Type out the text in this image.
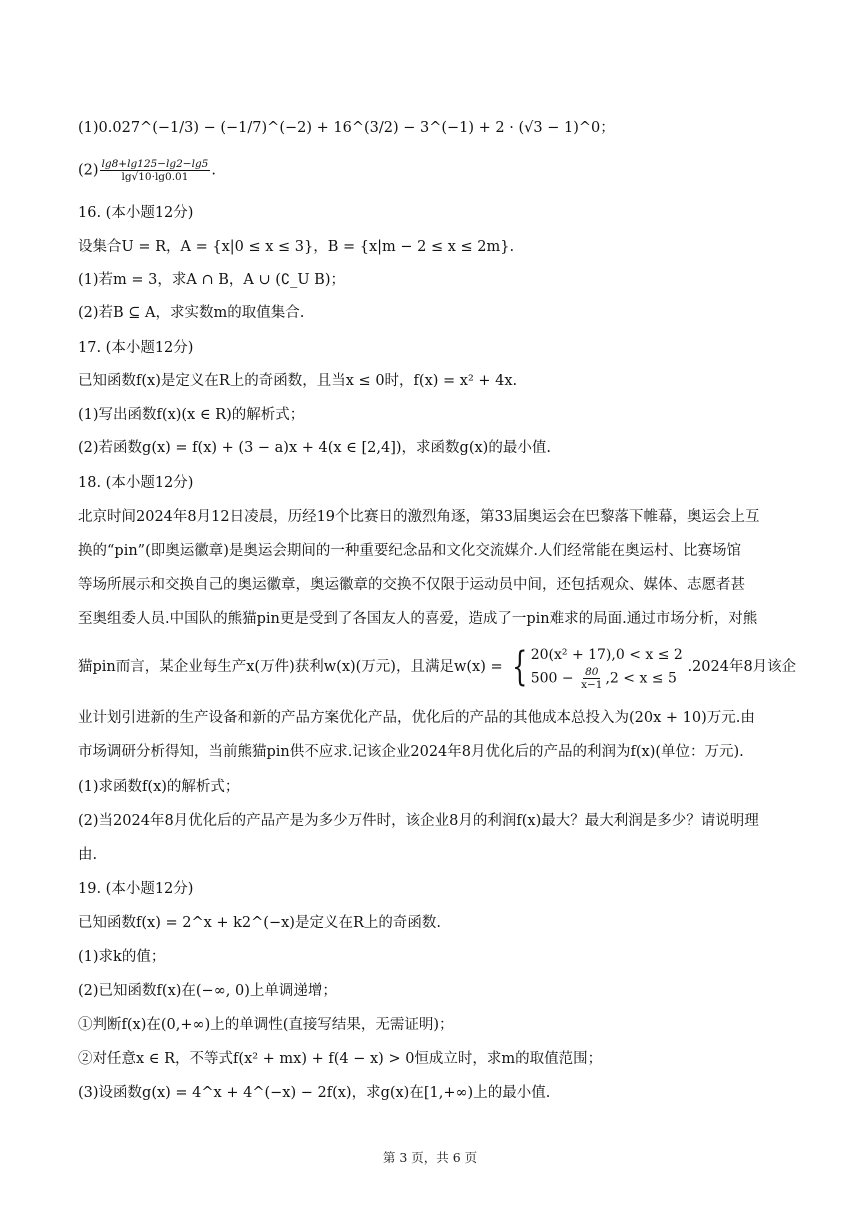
(1)0.027^(−1/3) − (−1/7)^(−2) + 16^(3/2) − 3^(−1) + 2 · (√3 − 1)^0；
$(2) \frac{\lg 8+\lg 125-\lg 2-\lg 5}{\lg√10\cdot\lg 0.01}$ .
16. (本小题12分)
设集合U = R，A = {x|0 ≤ x ≤ 3}，B = {x|m − 2 ≤ x ≤ 2m}.
(1)若m = 3，求A ∩ B，A ∪ (∁_U B)；
(2)若B ⊆ A，求实数m的取值集合.
17. (本小题12分)
已知函数f(x)是定义在R上的奇函数，且当x ≤ 0时，f(x) = x² + 4x.
(1)写出函数f(x)(x ∈ R)的解析式；
(2)若函数g(x) = f(x) + (3 − a)x + 4(x ∈ [2,4])，求函数g(x)的最小值.
18. (本小题12分)
北京时间2024年8月12日凌晨，历经19个比赛日的激烈角逐，第33届奥运会在巴黎落下帷幕，奥运会上互
换的“pin”(即奥运徽章)是奥运会期间的一种重要纪念品和文化交流媒介.人们经常能在奥运村、比赛场馆
等场所展示和交换自己的奥运徽章，奥运徽章的交换不仅限于运动员中间，还包括观众、媒体、志愿者甚
至奥组委人员.中国队的熊猫pin更是受到了各国友人的喜爱，造成了一pin难求的局面.通过市场分析，对熊
猫pin而言，某企业每生产x(万件)获利w(x)(万元)，且满足w(x) = { 20(x² + 17),0 < x ≤ 2
$500 - \frac{80}{x-1} ,2 < x \le 5$
.2024年8月该企
业计划引进新的生产设备和新的产品方案优化产品，优化后的产品的其他成本总投入为(20x + 10)万元.由
市场调研分析得知，当前熊猫pin供不应求.记该企业2024年8月优化后的产品的利润为f(x)(单位：万元).
(1)求函数f(x)的解析式；
(2)当2024年8月优化后的产品产是为多少万件时，该企业8月的利润f(x)最大？最大利润是多少？请说明理
由.
19. (本小题12分)
已知函数f(x) = 2^x + k2^(−x)是定义在R上的奇函数.
(1)求k的值；
(2)已知函数f(x)在(−∞, 0)上单调递增；
①判断f(x)在(0,+∞)上的单调性(直接写结果，无需证明)；
②对任意x ∈ R，不等式f(x² + mx) + f(4 − x) > 0恒成立时，求m的取值范围；
(3)设函数g(x) = 4^x + 4^(−x) − 2f(x)，求g(x)在[1,+∞)上的最小值.
第 3 页，共 6 页
